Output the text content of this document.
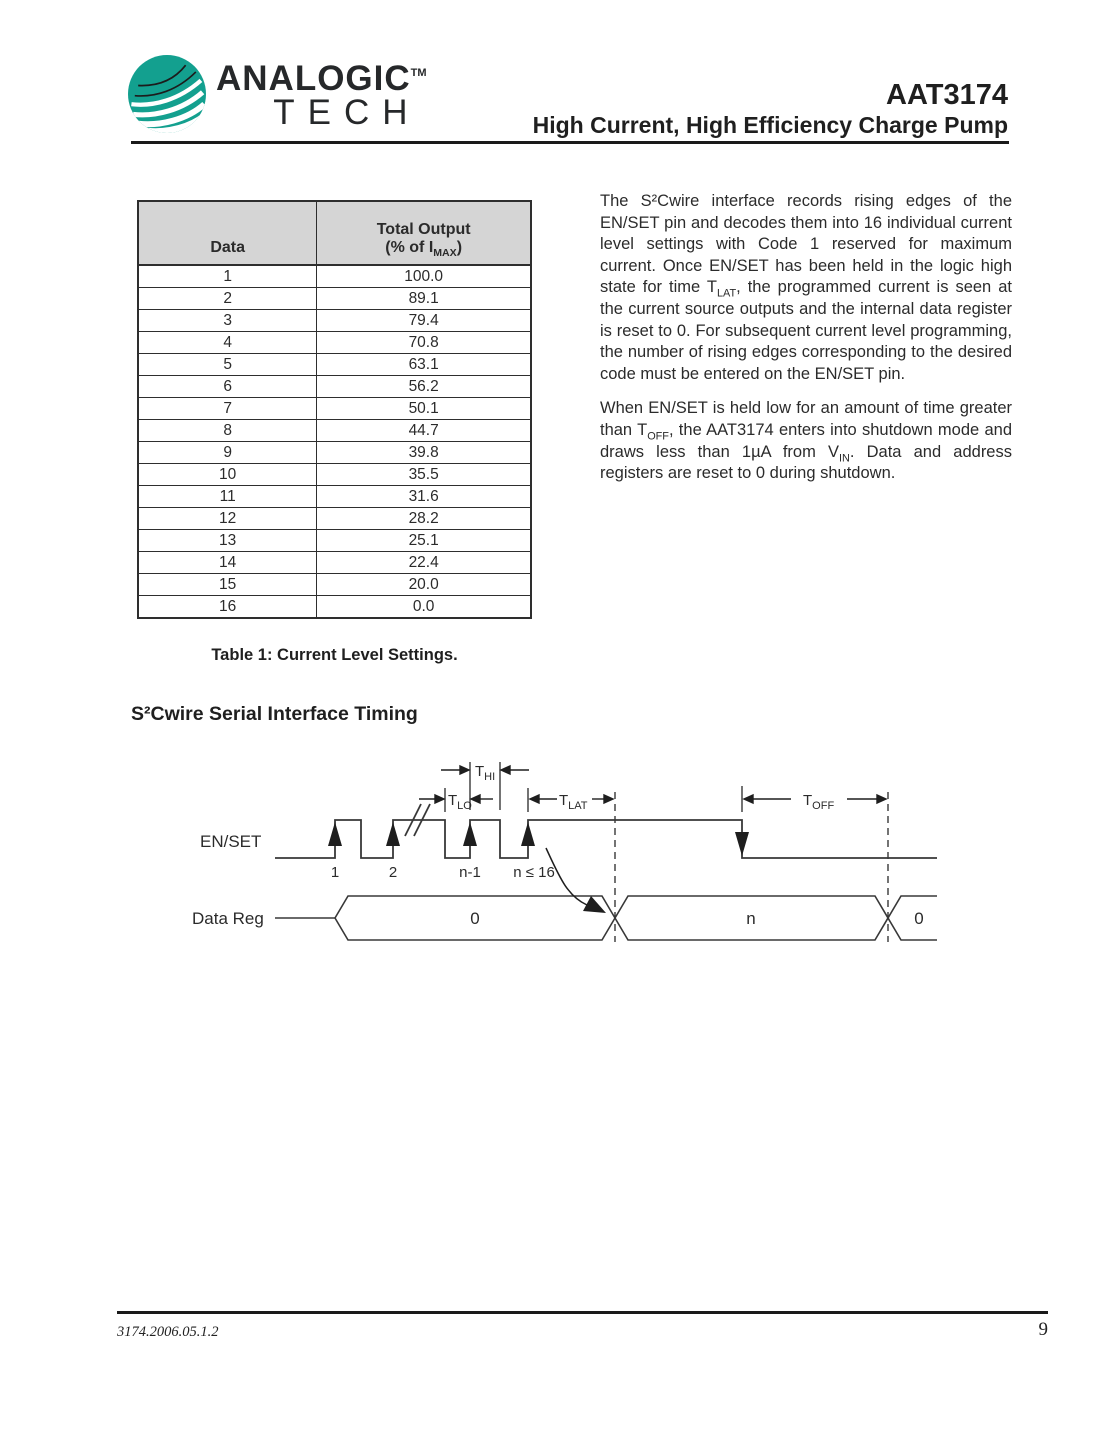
ANALOGIC™
TECH	AAT3174
High Current, High Efficiency Charge Pump
Data	Total Output
(% of $I_{MAX}$)

1	100.0
2	89.1
3	79.4
4	70.8
5	63.1
6	56.2
7	50.1
8	44.7
9	39.8
10	35.5
11	31.6
12	28.2
13	25.1
14	22.4
15	20.0
16	0.0
Table 1: Current Level Settings.

The S²Cwire interface records rising edges of the EN/SET pin and decodes them into 16 individual current level settings with Code 1 reserved for maximum current. Once EN/SET has been held in the logic high state for time $T_{LAT}$, the programmed current is seen at the current source outputs and the internal data register is reset to 0. For subsequent current level programming, the number of rising edges corresponding to the desired code must be entered on the EN/SET pin.

When EN/SET is held low for an amount of time greater than $T_{OFF}$, the AAT3174 enters into shutdown mode and draws less than 1µA from $V_{IN}$. Data and address registers are reset to 0 during shutdown.

S²Cwire Serial Interface Timing
EN/SET
Data Reg
$T_{HI}$
$T_{LO}$	$T_{LAT}$	$T_{OFF}$
1	2	n-1 n ≤ 16
0	n	0
3174.2006.05.1.2	9
